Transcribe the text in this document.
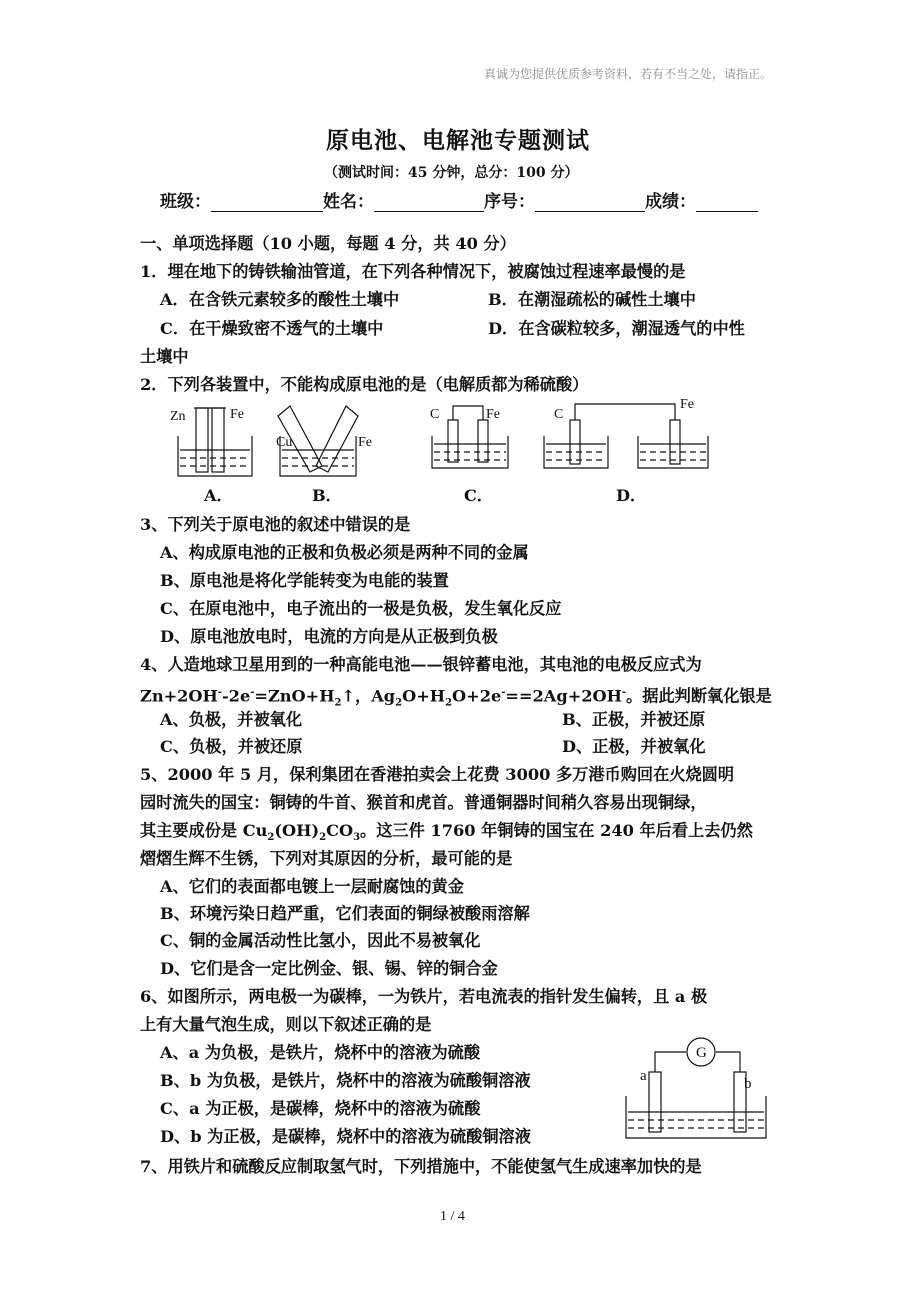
真诚为您提供优质参考资料，若有不当之处，请指正。
原电池、电解池专题测试
（测试时间：45 分钟，总分：100 分）
班级：	姓名：	序号：	成绩：
一、单项选择题（10 小题，每题 4 分，共 40 分）
1．埋在地下的铸铁输油管道，在下列各种情况下，被腐蚀过程速率最慢的是
A．在含铁元素较多的酸性土壤中	B．在潮湿疏松的碱性土壤中
C．在干燥致密不透气的土壤中	D．在含碳粒较多，潮湿透气的中性
土壤中
2．下列各装置中，不能构成原电池的是（电解质都为稀硫酸）
Zn	Fe
Cu	Fe
C	Fe	C
Fe
A．	B．	C．	D．
3、下列关于原电池的叙述中错误的是
A、构成原电池的正极和负极必须是两种不同的金属
B、原电池是将化学能转变为电能的装置
C、在原电池中，电子流出的一极是负极，发生氧化反应
D、原电池放电时，电流的方向是从正极到负极
4、人造地球卫星用到的一种高能电池——银锌蓄电池，其电池的电极反应式为
$Zn+2OH^--2e^-=ZnO+H_2↑$，$Ag_2O+H_2O+2e^-==2Ag+2OH^-$。据此判断氧化银是
A、负极，并被氧化	B、正极，并被还原
C、负极，并被还原	D、正极，并被氧化
5、2000 年 5 月，保利集团在香港拍卖会上花费 3000 多万港币购回在火烧圆明
园时流失的国宝：铜铸的牛首、猴首和虎首。普通铜器时间稍久容易出现铜绿，
其主要成份是 $Cu_2(OH)_2CO_3$。这三件 1760 年铜铸的国宝在 240 年后看上去仍然
熠熠生辉不生锈，下列对其原因的分析，最可能的是
A、它们的表面都电镀上一层耐腐蚀的黄金
B、环境污染日趋严重，它们表面的铜绿被酸雨溶解
C、铜的金属活动性比氢小，因此不易被氧化
D、它们是含一定比例金、银、锡、锌的铜合金
6、如图所示，两电极一为碳棒，一为铁片，若电流表的指针发生偏转，且 a 极
上有大量气泡生成，则以下叙述正确的是
A、a 为负极，是铁片，烧杯中的溶液为硫酸
B、b 为负极，是铁片，烧杯中的溶液为硫酸铜溶液
C、a 为正极，是碳棒，烧杯中的溶液为硫酸
D、b 为正极，是碳棒，烧杯中的溶液为硫酸铜溶液
G
a	b
7、用铁片和硫酸反应制取氢气时，下列措施中，不能使氢气生成速率加快的是
1 / 4
